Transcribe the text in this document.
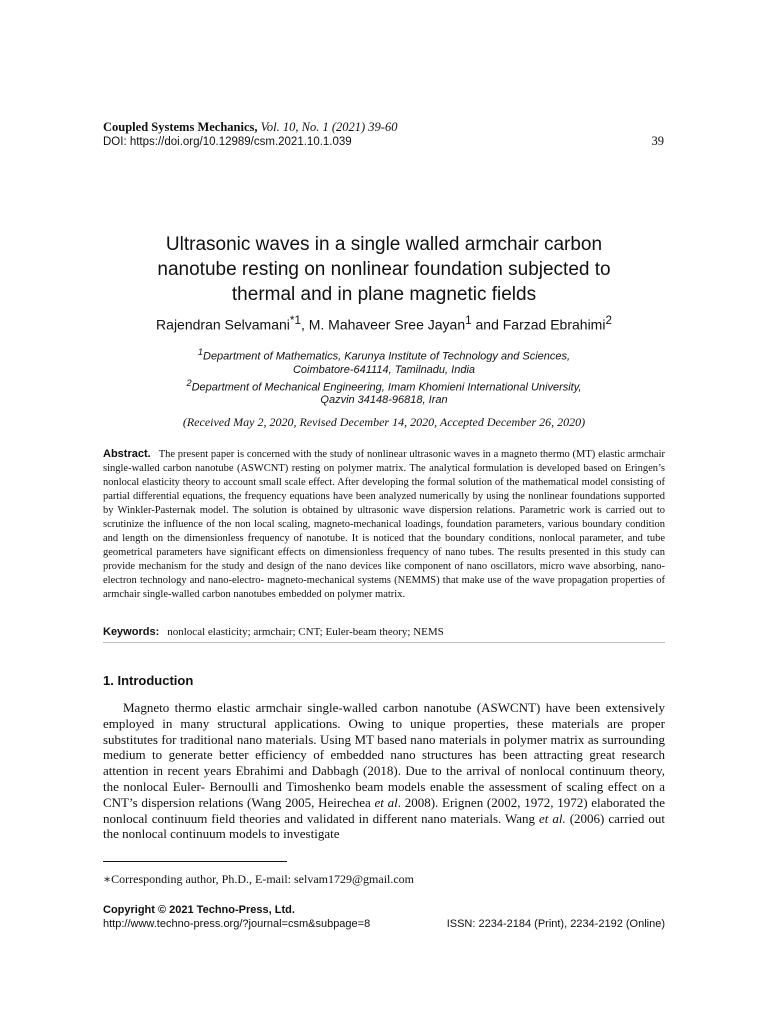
Coupled Systems Mechanics, Vol. 10, No. 1 (2021) 39-60
DOI: https://doi.org/10.12989/csm.2021.10.1.039	39
Ultrasonic waves in a single walled armchair carbon
nanotube resting on nonlinear foundation subjected to
thermal and in plane magnetic fields
Rajendran Selvamani$^{*1}$, M. Mahaveer Sree Jayan$^1$ and Farzad Ebrahimi$^2$
$^1$Department of Mathematics, Karunya Institute of Technology and Sciences,
Coimbatore-641114, Tamilnadu, India
$^2$Department of Mechanical Engineering, Imam Khomieni International University,
Qazvin 34148-96818, Iran
(Received May 2, 2020, Revised December 14, 2020, Accepted December 26, 2020)
Abstract. The present paper is concerned with the study of nonlinear ultrasonic waves in a magneto thermo (MT) elastic armchair single-walled carbon nanotube (ASWCNT) resting on polymer matrix. The analytical formulation is developed based on Eringen’s nonlocal elasticity theory to account small scale effect. After developing the formal solution of the mathematical model consisting of partial differential equations, the frequency equations have been analyzed numerically by using the nonlinear foundations supported by Winkler-Pasternak model. The solution is obtained by ultrasonic wave dispersion relations. Parametric work is carried out to scrutinize the influence of the non local scaling, magneto-mechanical loadings, foundation parameters, various boundary condition and length on the dimensionless frequency of nanotube. It is noticed that the boundary conditions, nonlocal parameter, and tube geometrical parameters have significant effects on dimensionless frequency of nano tubes. The results presented in this study can provide mechanism for the study and design of the nano devices like component of nano oscillators, micro wave absorbing, nano-electron technology and nano-electro- magneto-mechanical systems (NEMMS) that make use of the wave propagation properties of armchair single-walled carbon nanotubes embedded on polymer matrix.
Keywords: nonlocal elasticity; armchair; CNT; Euler-beam theory; NEMS
1. Introduction
Magneto thermo elastic armchair single-walled carbon nanotube (ASWCNT) have been extensively employed in many structural applications. Owing to unique properties, these materials are proper substitutes for traditional nano materials. Using MT based nano materials in polymer matrix as surrounding medium to generate better efficiency of embedded nano structures has been attracting great research attention in recent years Ebrahimi and Dabbagh (2018). Due to the arrival of nonlocal continuum theory, the nonlocal Euler- Bernoulli and Timoshenko beam models enable the assessment of scaling effect on a CNT’s dispersion relations (Wang 2005, Heirechea et al. 2008). Erignen (2002, 1972, 1972) elaborated the nonlocal continuum field theories and validated in different nano materials. Wang et al. (2006) carried out the nonlocal continuum models to investigate
∗Corresponding author, Ph.D., E-mail: selvam1729@gmail.com
Copyright © 2021 Techno-Press, Ltd.
http://www.techno-press.org/?journal=csm&subpage=8	ISSN: 2234-2184 (Print), 2234-2192 (Online)
